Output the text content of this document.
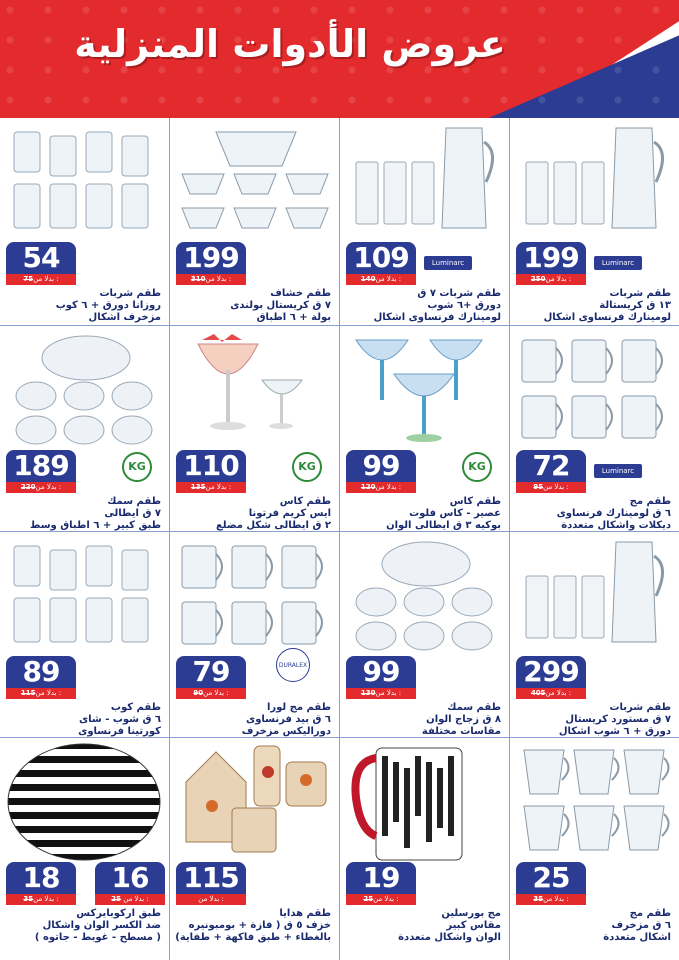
عروض الأدوات المنزلية
199
250بدلا من :
Luminarc
طقم شربات
١٣ ق كريستالة
لومينارك فرنساوى اشكال
109
140بدلا من :
Luminarc
طقم شربات ٧ ق
دورق +٦ شوب
لومينارك فرنساوى اشكال
199
310بدلا من :
طقم خشاف
٧ ق كريستال بولندى
بولة + ٦ اطباق
54
75بدلا من :
طقم شربات
روزانا دورق + ٦ كوب
مزخرف اشكال
72
95بدلا من :
Luminarc
طقم مج
٦ ق لومينارك فرنساوى
ديكلات واشكال متعددة
99
120بدلا من :
KG
طقم كاس
عصير - كاس فلوت
بوكيه ٣ ق ايطالى الوان
110
135بدلا من :
KG
طقم كاس
ايس كريم فرتونا
٢ ق ايطالى شكل مضلع
189
220بدلا من :
KG
طقم سمك
٧ ق ايطالى
طبق كبير + ٦ اطباق وسط
299
405بدلا من :
طقم شربات
٧ ق مستورد كريستال
دورق + ٦ شوب اشكال
99
130بدلا من :
طقم سمك
٨ ق زجاج الوان
مقاسات مختلفة
79
90بدلا من :
DURALEX
طقم مج لورا
٦ ق بيد فرنساوى
دوراليكس مزخرف
89
115بدلا من :
طقم كوب
٦ ق شوب - شاى
كورتينا فرنساوى
25
35بدلا من :
طقم مج
٦ ق مزخرف
اشكال متعددة
19
25بدلا من :
مج بورسلين
مقاس كبير
الوان واشكال متعددة
115
بدلا من :
طقم هدايا
خزف ٥ ق ( فازة + بومبونيره
بالغطاء + طبق فاكهة + طفاية)
18
35بدلا من :
16
25 بدلا من :
طبق اركوبايركس
ضد الكسر الوان واشكال
( مسطح - غويط - جاتوه )
